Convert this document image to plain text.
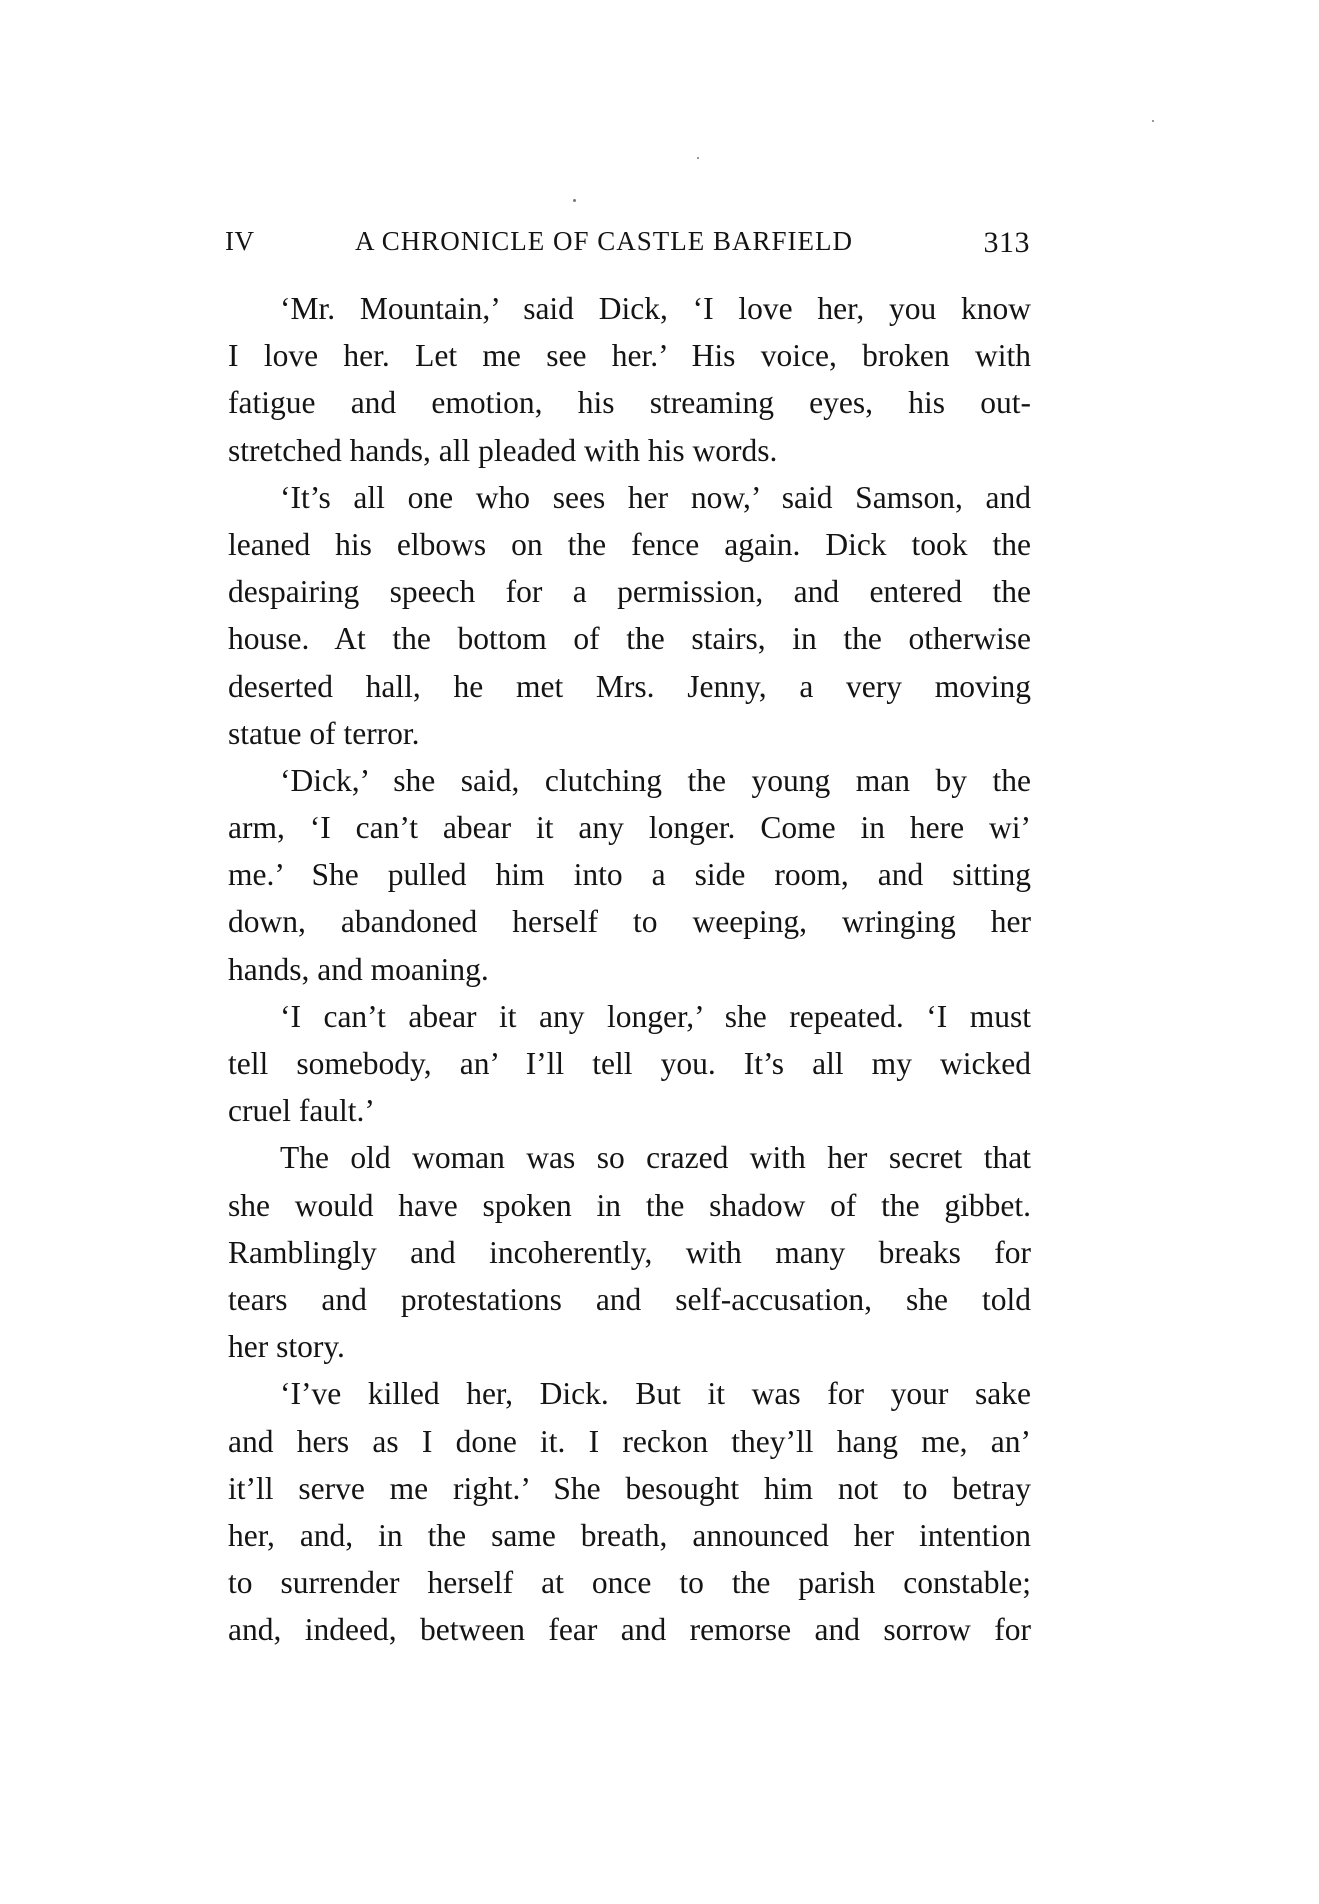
IV	A CHRONICLE OF CASTLE BARFIELD	313
‘Mr. Mountain,’ said Dick, ‘I love her, you know
I love her. Let me see her.’ His voice, broken with
fatigue and emotion, his streaming eyes, his out-
stretched hands, all pleaded with his words.
‘It’s all one who sees her now,’ said Samson, and
leaned his elbows on the fence again. Dick took the
despairing speech for a permission, and entered the
house. At the bottom of the stairs, in the otherwise
deserted hall, he met Mrs. Jenny, a very moving
statue of terror.
‘Dick,’ she said, clutching the young man by the
arm, ‘I can’t abear it any longer. Come in here wi’
me.’ She pulled him into a side room, and sitting
down, abandoned herself to weeping, wringing her
hands, and moaning.
‘I can’t abear it any longer,’ she repeated. ‘I must
tell somebody, an’ I’ll tell you. It’s all my wicked
cruel fault.’
The old woman was so crazed with her secret that
she would have spoken in the shadow of the gibbet.
Ramblingly and incoherently, with many breaks for
tears and protestations and self-accusation, she told
her story.
‘I’ve killed her, Dick. But it was for your sake
and hers as I done it. I reckon they’ll hang me, an’
it’ll serve me right.’ She besought him not to betray
her, and, in the same breath, announced her intention
to surrender herself at once to the parish constable;
and, indeed, between fear and remorse and sorrow for
